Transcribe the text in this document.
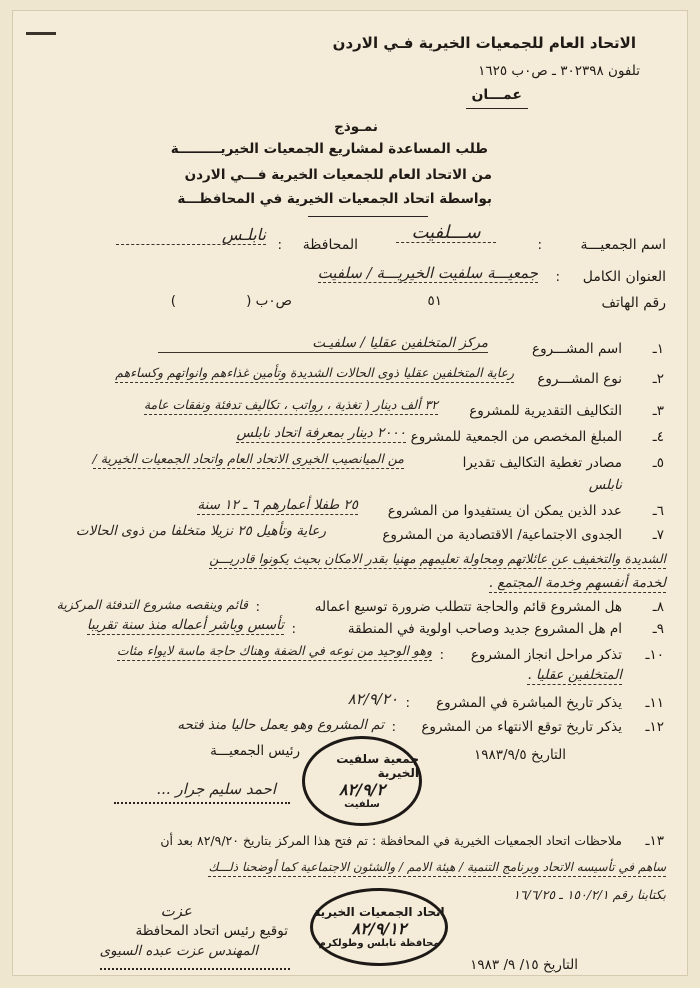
الاتحاد العام للجمعيات الخيرية فـي الاردن
تلفون ٣٠٢٣٩٨ ـ ص٠ب ١٦٢٥
عمـــان
نمـوذج
طلب المساعدة لمشاريع الجمعيات الخيريـــــــــة
من الاتحاد العام للجمعيات الخيرية فـــي الاردن
بواسطة اتحاد الجمعيات الخيرية في المحافظـــة
اسم الجمعيـــة
:
ســـلفيت
المحافظة
:
نابلـس
العنوان الكامل
:
جمعيـــة سلفيت الخيريـــة / سلفيت
رقم الهاتف
٥١
ص٠ب (
)
١ـ
اسم المشـــروع
مركز المتخلفين عقليا / سلفيـت
٢ـ
نوع المشـــروع
رعاية المتخلفين عقليا ذوى الحالات الشديدة وتأمين غذاءهم وانواتهم وكساءهم
٣ـ
التكاليف التقديرية للمشروع
٣٢ ألف دينار ( تغذية ، رواتب ، تكاليف تدفئة ونفقات عامة
٤ـ
المبلغ المخصص من الجمعية للمشروع
٢٠٠٠ دينار بمعرفة اتحاد نابلس
٥ـ
مصادر تغطية التكاليف تقديرا
من الميانصيب الخيرى الاتحاد العام واتحاد الجمعيات الخيرية /
نابلس
٦ـ
عدد الذين يمكن ان يستفيدوا من المشروع
٢٥ طفلا أعمارهم ٦ ـ ١٢ سنة
٧ـ
الجدوى الاجتماعية/ الاقتصادية من المشروع
رعاية وتأهيل ٢٥ نزيلا متخلفا من ذوى الحالات
الشديدة والتخفيف عن عائلاتهم ومحاولة تعليمهم مهنيا بقدر الامكان بحيث يكونوا قادريـــن
لخدمة أنفسهم وخدمة المجتمع .
٨ـ
هل المشروع قائم والحاجة تتطلب ضرورة توسيع اعماله
:
قائم وينقصه مشروع التدفئة المركزية
٩ـ
ام هل المشروع جديد وصاحب اولوية في المنطقة
:
تأسس وباشر أعماله منذ سنة تقريبا
١٠ـ
تذكر مراحل انجاز المشروع
:
وهو الوحيد من نوعه في الضفة وهناك حاجة ماسة لايواء مئات
المتخلفين عقليا .
١١ـ
يذكر تاريخ المباشرة في المشروع
:
٨٢/٩/٢٠
١٢ـ
يذكر تاريخ توقع الانتهاء من المشروع
:
تم المشروع وهو يعمل حاليا منذ فتحه
التاريخ ١٩٨٣/٩/٥
رئيس الجمعيـــة
احمد سليم جرار ...
جمعية سلفيت الخيرية
٨٢/٩/٢
سلفيت
١٣ـ
ملاحظات اتحاد الجمعيات الخيرية في المحافظة : تم فتح هذا المركز بتاريخ ٨٢/٩/٢٠ بعد أن
ساهم في تأسيسه الاتحاد وبرنامج التنمية / هيئة الامم / والشئون الاجتماعية كما أوضحنا ذلـــك
بكتابنا رقم ١٥٠/٢/١ ـ ١٦/٦/٢٥
عزت
توقيع رئيس اتحاد المحافظة
المهندس عزت عبده السيوى
التاريخ ١٥/ ٩/ ١٩٨٣
اتحاد الجمعيات الخيرية
٨٢/٩/١٢
محافظة نابلس وطولكرم
